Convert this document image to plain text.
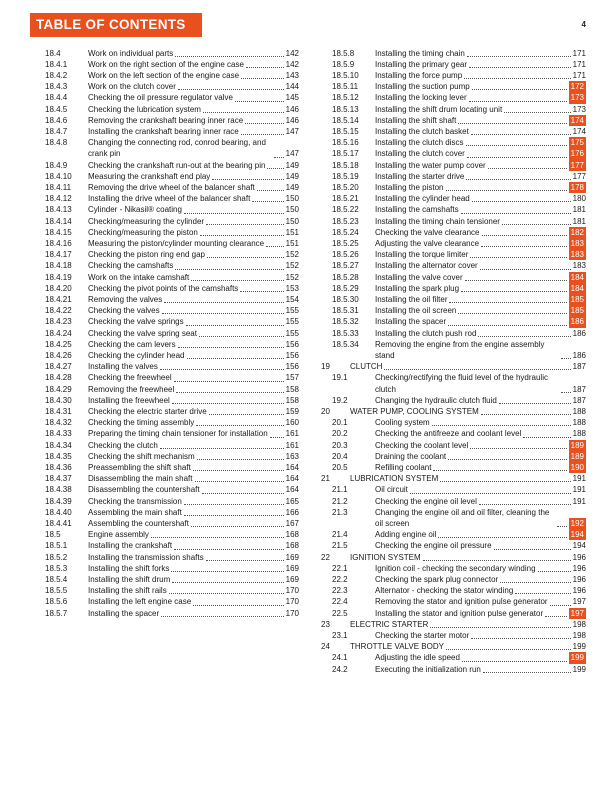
TABLE OF CONTENTS	4
18.4	Work on individual parts	142
18.4.1	Work on the right section of the engine case	142
18.4.2	Work on the left section of the engine case	143
18.4.3	Work on the clutch cover	144
18.4.4	Checking the oil pressure regulator valve	145
18.4.5	Checking the lubrication system	146
18.4.6	Removing the crankshaft bearing inner race	146
18.4.7	Installing the crankshaft bearing inner race	147
18.4.8	Changing the connecting rod, conrod bearing, and crank pin	147
18.4.9	Checking the crankshaft run-out at the bearing pin	149
18.4.10	Measuring the crankshaft end play	149
18.4.11	Removing the drive wheel of the balancer shaft	149
18.4.12	Installing the drive wheel of the balancer shaft	150
18.4.13	Cylinder - Nikasil® coating	150
18.4.14	Checking/measuring the cylinder	150
18.4.15	Checking/measuring the piston	151
18.4.16	Measuring the piston/cylinder mounting clearance	151
18.4.17	Checking the piston ring end gap	152
18.4.18	Checking the camshafts	152
18.4.19	Work on the intake camshaft	152
18.4.20	Checking the pivot points of the camshafts	153
18.4.21	Removing the valves	154
18.4.22	Checking the valves	155
18.4.23	Checking the valve springs	155
18.4.24	Checking the valve spring seat	155
18.4.25	Checking the cam levers	156
18.4.26	Checking the cylinder head	156
18.4.27	Installing the valves	156
18.4.28	Checking the freewheel	157
18.4.29	Removing the freewheel	158
18.4.30	Installing the freewheel	158
18.4.31	Checking the electric starter drive	159
18.4.32	Checking the timing assembly	160
18.4.33	Preparing the timing chain tensioner for installation 161
18.4.34	Checking the clutch	161
18.4.35	Checking the shift mechanism	163
18.4.36	Preassembling the shift shaft	164
18.4.37	Disassembling the main shaft	164
18.4.38	Disassembling the countershaft	164
18.4.39	Checking the transmission	165
18.4.40	Assembling the main shaft	166
18.4.41	Assembling the countershaft	167
18.5	Engine assembly	168
18.5.1	Installing the crankshaft	168
18.5.2	Installing the transmission shafts	169
18.5.3	Installing the shift forks	169
18.5.4	Installing the shift drum	169
18.5.5	Installing the shift rails	170
18.5.6	Installing the left engine case	170
18.5.7	Installing the spacer	170
18.5.8	Installing the timing chain	171
18.5.9	Installing the primary gear	171
18.5.10	Installing the force pump	171
18.5.11	Installing the suction pump	172
18.5.12	Installing the locking lever	173
18.5.13	Installing the shift drum locating unit	173
18.5.14	Installing the shift shaft	174
18.5.15	Installing the clutch basket	174
18.5.16	Installing the clutch discs	175
18.5.17	Installing the clutch cover	176
18.5.18	Installing the water pump cover	177
18.5.19	Installing the starter drive	177
18.5.20	Installing the piston	178
18.5.21	Installing the cylinder head	180
18.5.22	Installing the camshafts	181
18.5.23	Installing the timing chain tensioner	181
18.5.24	Checking the valve clearance	182
18.5.25	Adjusting the valve clearance	183
18.5.26	Installing the torque limiter	183
18.5.27	Installing the alternator cover	183
18.5.28	Installing the valve cover	184
18.5.29	Installing the spark plug	184
18.5.30	Installing the oil filter	185
18.5.31	Installing the oil screen	185
18.5.32	Installing the spacer	186
18.5.33	Installing the clutch push rod	186
18.5.34	Removing the engine from the engine assembly stand	186
19	CLUTCH	187
19.1	Checking/rectifying the fluid level of the hydraulic clutch	187
19.2	Changing the hydraulic clutch fluid	187
20	WATER PUMP, COOLING SYSTEM	188
20.1	Cooling system	188
20.2	Checking the antifreeze and coolant level	188
20.3	Checking the coolant level	189
20.4	Draining the coolant	189
20.5	Refilling coolant	190
21	LUBRICATION SYSTEM	191
21.1	Oil circuit	191
21.2	Checking the engine oil level	191
21.3	Changing the engine oil and oil filter, cleaning the oil screen	192
21.4	Adding engine oil	194
21.5	Checking the engine oil pressure	194
22	IGNITION SYSTEM	196
22.1	Ignition coil - checking the secondary winding	196
22.2	Checking the spark plug connector	196
22.3	Alternator - checking the stator winding	196
22.4	Removing the stator and ignition pulse generator	197
22.5	Installing the stator and ignition pulse generator	197
23	ELECTRIC STARTER	198
23.1	Checking the starter motor	198
24	THROTTLE VALVE BODY	199
24.1	Adjusting the idle speed	199
24.2	Executing the initialization run	199
